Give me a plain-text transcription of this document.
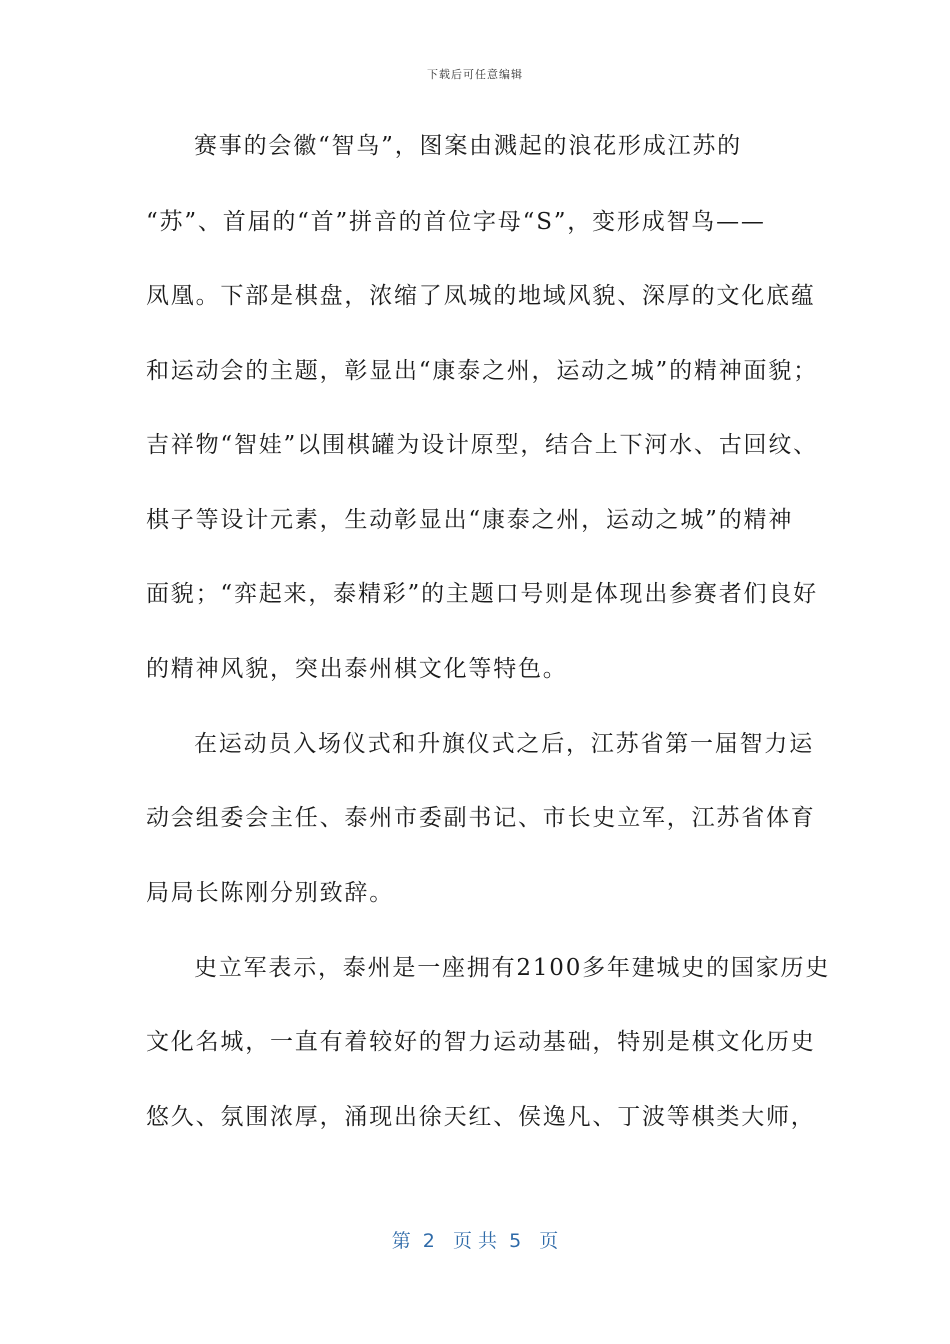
下载后可任意编辑
赛事的会徽“智鸟”，图案由溅起的浪花形成江苏的
“苏”、首届的“首”拼音的首位字母“S”，变形成智鸟——
凤凰。下部是棋盘，浓缩了凤城的地域风貌、深厚的文化底蕴
和运动会的主题，彰显出“康泰之州，运动之城”的精神面貌；
吉祥物“智娃”以围棋罐为设计原型，结合上下河水、古回纹、
棋子等设计元素，生动彰显出“康泰之州，运动之城”的精神
面貌；“弈起来，泰精彩”的主题口号则是体现出参赛者们良好
的精神风貌，突出泰州棋文化等特色。
在运动员入场仪式和升旗仪式之后，江苏省第一届智力运
动会组委会主任、泰州市委副书记、市长史立军，江苏省体育
局局长陈刚分别致辞。
史立军表示，泰州是一座拥有2100多年建城史的国家历史
文化名城，一直有着较好的智力运动基础，特别是棋文化历史
悠久、氛围浓厚，涌现出徐天红、侯逸凡、丁波等棋类大师，
第  2   页 共  5   页
